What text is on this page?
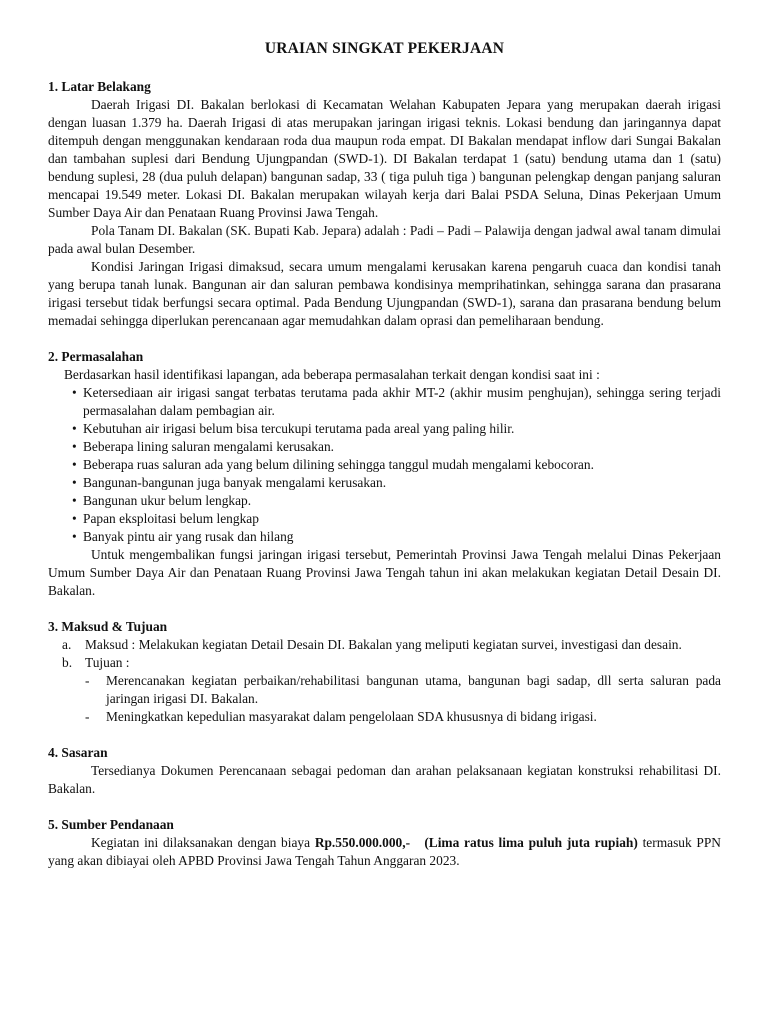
URAIAN SINGKAT PEKERJAAN
1. Latar Belakang

Daerah Irigasi DI. Bakalan berlokasi di Kecamatan Welahan Kabupaten Jepara yang merupakan daerah irigasi dengan luasan 1.379 ha. Daerah Irigasi di atas merupakan jaringan irigasi teknis. Lokasi bendung dan jaringannya dapat ditempuh dengan menggunakan kendaraan roda dua maupun roda empat. DI Bakalan mendapat inflow dari Sungai Bakalan dan tambahan suplesi dari Bendung Ujungpandan (SWD-1). DI Bakalan terdapat 1 (satu) bendung utama dan 1 (satu) bendung suplesi, 28 (dua puluh delapan) bangunan sadap, 33 ( tiga puluh tiga ) bangunan pelengkap dengan panjang saluran mencapai 19.549 meter. Lokasi DI. Bakalan merupakan wilayah kerja dari Balai PSDA Seluna, Dinas Pekerjaan Umum Sumber Daya Air dan Penataan Ruang Provinsi Jawa Tengah.

Pola Tanam DI. Bakalan (SK. Bupati Kab. Jepara) adalah : Padi – Padi – Palawija dengan jadwal awal tanam dimulai pada awal bulan Desember.

Kondisi Jaringan Irigasi dimaksud, secara umum mengalami kerusakan karena pengaruh cuaca dan kondisi tanah yang berupa tanah lunak. Bangunan air dan saluran pembawa kondisinya memprihatinkan, sehingga sarana dan prasarana irigasi tersebut tidak berfungsi secara optimal. Pada Bendung Ujungpandan (SWD-1), sarana dan prasarana bendung belum memadai sehingga diperlukan perencanaan agar memudahkan dalam oprasi dan pemeliharaan bendung.

2. Permasalahan

Berdasarkan hasil identifikasi lapangan, ada beberapa permasalahan terkait dengan kondisi saat ini :

• Ketersediaan air irigasi sangat terbatas terutama pada akhir MT-2 (akhir musim penghujan), sehingga sering terjadi permasalahan dalam pembagian air.
• Kebutuhan air irigasi belum bisa tercukupi terutama pada areal yang paling hilir.
• Beberapa lining saluran mengalami kerusakan.
• Beberapa ruas saluran ada yang belum dilining sehingga tanggul mudah mengalami kebocoran.
• Bangunan-bangunan juga banyak mengalami kerusakan.
• Bangunan ukur belum lengkap.
• Papan eksploitasi belum lengkap
• Banyak pintu air yang rusak dan hilang

Untuk mengembalikan fungsi jaringan irigasi tersebut, Pemerintah Provinsi Jawa Tengah melalui Dinas Pekerjaan Umum Sumber Daya Air dan Penataan Ruang Provinsi Jawa Tengah tahun ini akan melakukan kegiatan Detail Desain DI. Bakalan.

3. Maksud & Tujuan
a.	Maksud : Melakukan kegiatan Detail Desain DI. Bakalan yang meliputi kegiatan survei, investigasi dan desain.
b. Tujuan :
-	Merencanakan kegiatan perbaikan/rehabilitasi bangunan utama, bangunan bagi sadap, dll serta saluran pada jaringan irigasi DI. Bakalan.
-	Meningkatkan kepedulian masyarakat dalam pengelolaan SDA khususnya di bidang irigasi.
4. Sasaran

Tersedianya Dokumen Perencanaan sebagai pedoman dan arahan pelaksanaan kegiatan konstruksi rehabilitasi DI. Bakalan.

5. Sumber Pendanaan

Kegiatan ini dilaksanakan dengan biaya Rp.550.000.000,- (Lima ratus lima puluh juta rupiah) termasuk PPN yang akan dibiayai oleh APBD Provinsi Jawa Tengah Tahun Anggaran 2023.
